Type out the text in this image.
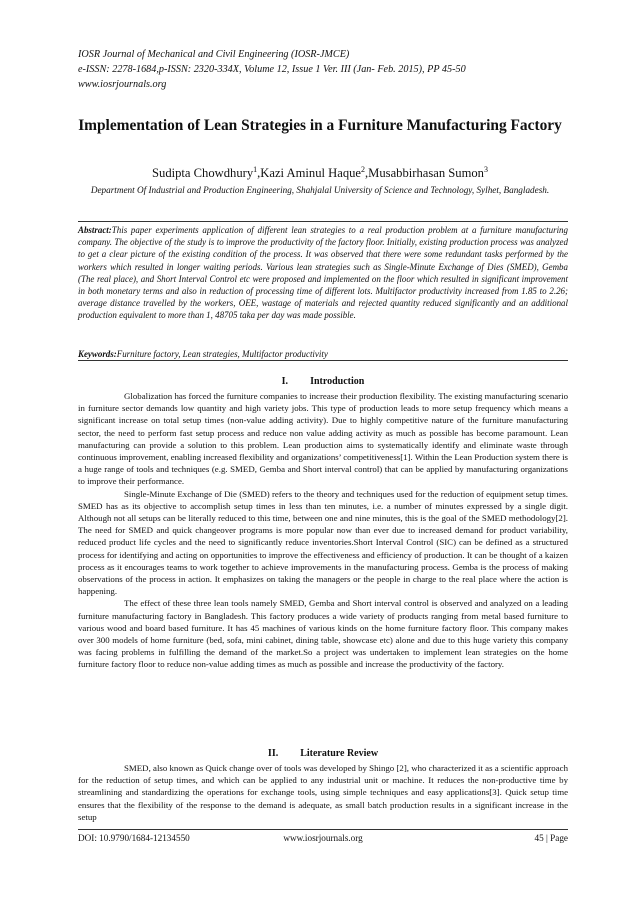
IOSR Journal of Mechanical and Civil Engineering (IOSR-JMCE)
e-ISSN: 2278-1684,p-ISSN: 2320-334X, Volume 12, Issue 1 Ver. III (Jan- Feb. 2015), PP 45-50
www.iosrjournals.org
Implementation of Lean Strategies in a Furniture Manufacturing Factory
Sudipta Chowdhury$^1$,Kazi Aminul Haque$^2$,Musabbirhasan Sumon$^3$
Department Of Industrial and Production Engineering, Shahjalal University of Science and Technology, Sylhet, Bangladesh.
Abstract:This paper experiments application of different lean strategies to a real production problem at a furniture manufacturing company. The objective of the study is to improve the productivity of the factory floor. Initially, existing production process was analyzed to get a clear picture of the existing condition of the process. It was observed that there were some redundant tasks performed by the workers which resulted in longer waiting periods. Various lean strategies such as Single-Minute Exchange of Dies (SMED), Gemba (The real place), and Short Interval Control etc were proposed and implemented on the floor which resulted in significant improvement in both monetary terms and also in reduction of processing time of different lots. Multifactor productivity increased from 1.85 to 2.26; average distance travelled by the workers, OEE, wastage of materials and rejected quantity reduced significantly and an additional production equivalent to more than 1, 48705 taka per day was made possible.
Keywords:Furniture factory, Lean strategies, Multifactor productivity
I. Introduction

Globalization has forced the furniture companies to increase their production flexibility. The existing manufacturing scenario in furniture sector demands low quantity and high variety jobs. This type of production leads to more setup frequency which means a significant increase on total setup times (non-value adding activity). Due to highly competitive nature of the furniture manufacturing sector, the need to perform fast setup process and reduce non value adding activity as much as possible has become paramount. Lean manufacturing can provide a solution to this problem. Lean production aims to systematically identify and eliminate waste through continuous improvement, enabling increased flexibility and organizations’ competitiveness[1]. Within the Lean Production system there is a huge range of tools and techniques (e.g. SMED, Gemba and Short interval control) that can be applied by manufacturing organizations to improve their performance.

Single-Minute Exchange of Die (SMED) refers to the theory and techniques used for the reduction of equipment setup times. SMED has as its objective to accomplish setup times in less than ten minutes, i.e. a number of minutes expressed by a single digit. Although not all setups can be literally reduced to this time, between one and nine minutes, this is the goal of the SMED methodology[2]. The need for SMED and quick changeover programs is more popular now than ever due to increased demand for product variability, reduced product life cycles and the need to significantly reduce inventories.Short Interval Control (SIC) can be defined as a structured process for identifying and acting on opportunities to improve the effectiveness and efficiency of production. It can be thought of a kaizen process as it encourages teams to work together to achieve improvements in the manufacturing process. Gemba is the process of making observations of the process in action. It emphasizes on taking the managers or the people in charge to the real place where the action is happening.

The effect of these three lean tools namely SMED, Gemba and Short interval control is observed and analyzed on a leading furniture manufacturing factory in Bangladesh. This factory produces a wide variety of products ranging from metal based furniture to various wood and board based furniture. It has 45 machines of various kinds on the home furniture factory floor. This company makes over 300 models of home furniture (bed, sofa, mini cabinet, dining table, showcase etc) alone and due to this huge variety this company was facing problems in fulfilling the demand of the market.So a project was undertaken to implement lean strategies on the home furniture factory floor to reduce non-value adding times as much as possible and increase the productivity of the factory.

II. Literature Review

SMED, also known as Quick change over of tools was developed by Shingo [2], who characterized it as a scientific approach for the reduction of setup times, and which can be applied to any industrial unit or machine. It reduces the non-productive time by streamlining and standardizing the operations for exchange tools, using simple techniques and easy applications[3]. Quick setup time ensures that the flexibility of the response to the demand is adequate, as small batch production results in a significant increase in the setup

DOI: 10.9790/1684-12134550	www.iosrjournals.org	45 | Page
